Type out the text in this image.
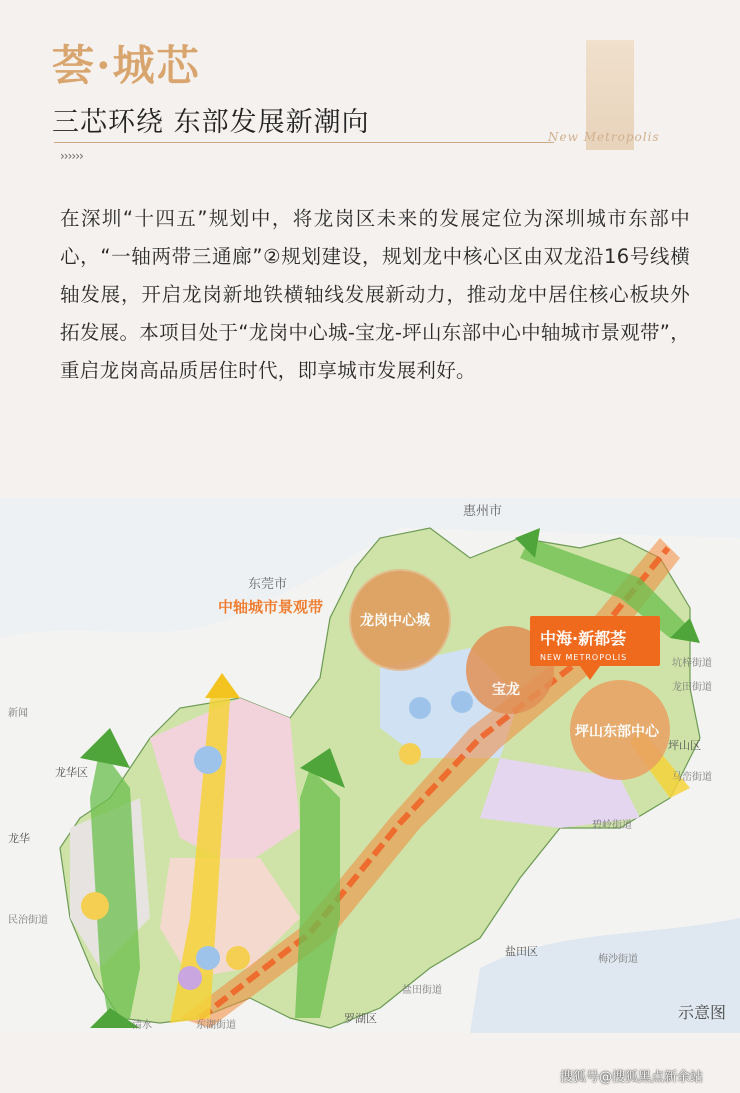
荟·城芯
三芯环绕 东部发展新潮向
››››››
New Metropolis
在深圳“十四五”规划中，将龙岗区未来的发展定位为深圳城市东部中心，“一轴两带三通廊”②规划建设，规划龙中核心区由双龙沿16号线横轴发展，开启龙岗新地铁横轴线发展新动力，推动龙中居住核心板块外拓发展。本项目处于“龙岗中心城-宝龙-坪山东部中心中轴城市景观带”，重启龙岗高品质居住时代，即享城市发展利好。
中轴城市景观带
东莞市
惠州市
龙岗中心城
宝龙
坪山东部中心
中海·新都荟
NEW METROPOLIS
龙华区
盐田区
坪山区
罗湖区
龙华
坑梓街道
龙田街道
马峦街道
碧岭街道
梅沙街道
盐田街道
民治街道
东湖街道
新闻
清水
示意图
搜狐号@搜狐黑点新余站
